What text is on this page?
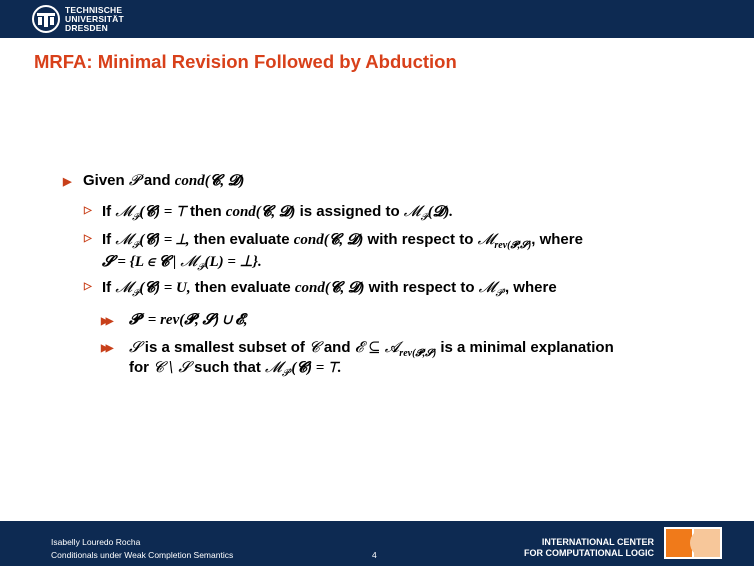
TECHNISCHE
UNIVERSITÄT
DRESDEN
MRFA: Minimal Revision Followed by Abduction
▶ Given 𝓟 and cond(𝓒, 𝓓)
▷ If 𝓜$_𝓟$(𝓒) = ⊤ then cond(𝓒, 𝓓) is assigned to 𝓜$_𝓟$(𝓓).
▷ If 𝓜$_𝓟$(𝓒) = ⊥, then evaluate cond(𝓒, 𝓓) with respect to 𝓜$_{rev(𝓟,𝓢)}$, where
𝓢 = {L ∈ 𝓒 | 𝓜$_𝓟$(L) = ⊥}.
▷ If 𝓜$_𝓟$(𝓒) = U, then evaluate cond(𝓒, 𝓓) with respect to 𝓜$_{𝓟'}$, where
▶▶ 𝓟′ = rev(𝓟, 𝓢) ∪ 𝓔,
▶▶ 𝓢 is a smallest subset of 𝓒 and 𝓔 ⊆ 𝓐$_{rev(𝓟,𝓢)}$ is a minimal explanation
for 𝓒 \ 𝓢 such that 𝓜$_{𝓟'}$(𝓒) = ⊤.
Isabelly Louredo Rocha
Conditionals under Weak Completion Semantics	4
INTERNATIONAL CENTER
FOR COMPUTATIONAL LOGIC
